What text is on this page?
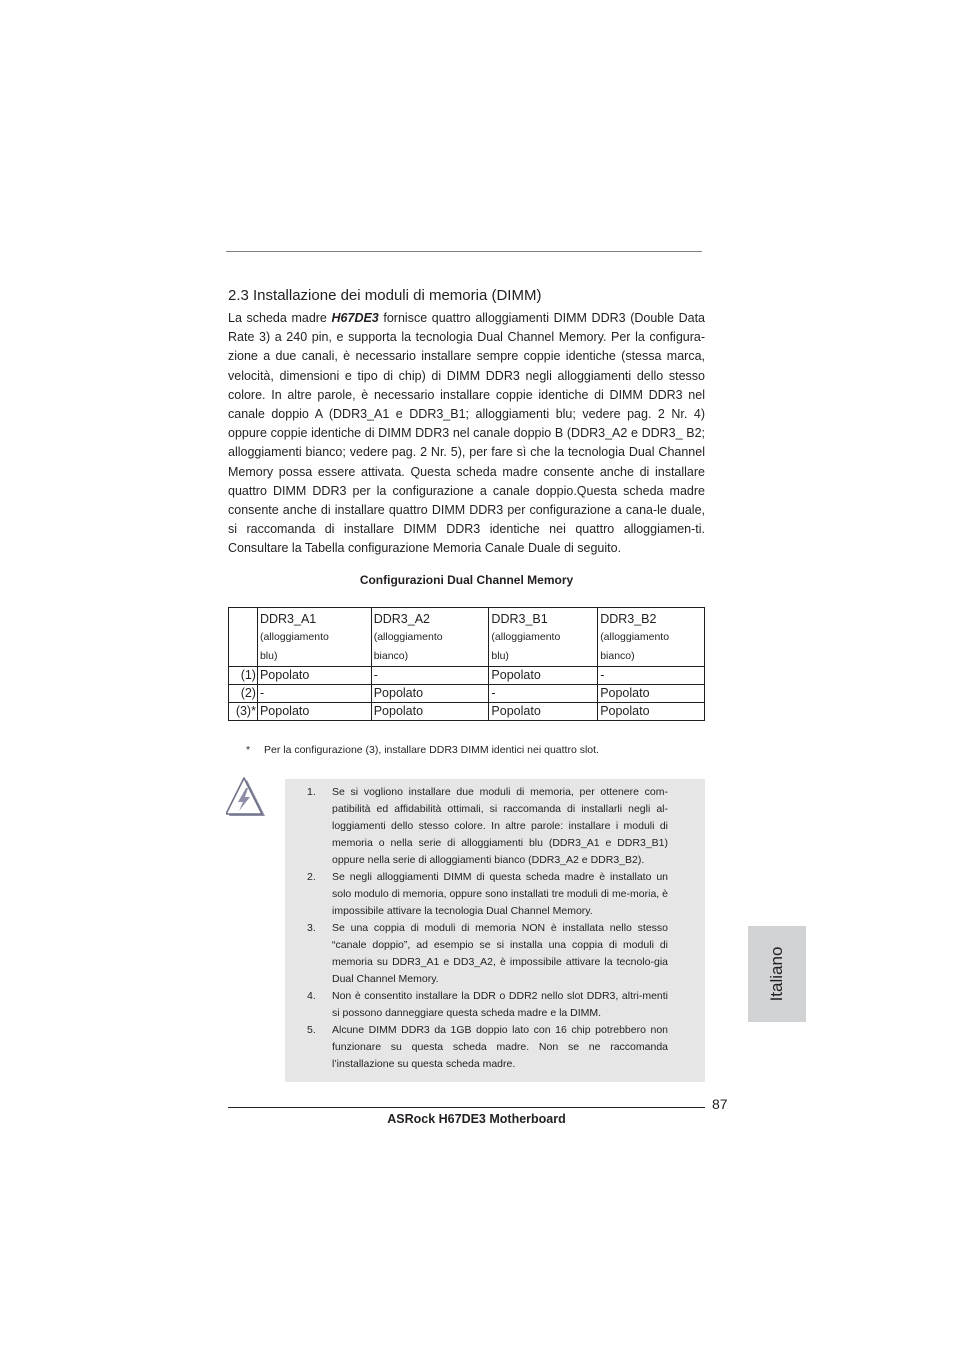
2.3 Installazione dei moduli di memoria (DIMM)

La scheda madre H67DE3 fornisce quattro alloggiamenti DIMM DDR3 (Double Data Rate 3) a 240 pin, e supporta la tecnologia Dual Channel Memory. Per la configura-zione a due canali, è necessario installare sempre coppie identiche (stessa marca, velocità, dimensioni e tipo di chip) di DIMM DDR3 negli alloggiamenti dello stesso colore. In altre parole, è necessario installare coppie identiche di DIMM DDR3 nel canale doppio A (DDR3_A1 e DDR3_B1; alloggiamenti blu; vedere pag. 2 Nr. 4) oppure coppie identiche di DIMM DDR3 nel canale doppio B (DDR3_A2 e DDR3_ B2; alloggiamenti bianco; vedere pag. 2 Nr. 5), per fare sì che la tecnologia Dual Channel Memory possa essere attivata. Questa scheda madre consente anche di installare quattro DIMM DDR3 per la configurazione a canale doppio.Questa scheda madre consente anche di installare quattro DIMM DDR3 per configurazione a cana-le duale, si raccomanda di installare DIMM DDR3 identiche nei quattro alloggiamen-ti. Consultare la Tabella configurazione Memoria Canale Duale di seguito.

Configurazioni Dual Channel Memory

	DDR3_A1
(alloggiamento
blu)	DDR3_A2
(alloggiamento
bianco)	DDR3_B1
(alloggiamento
blu)	DDR3_B2
(alloggiamento
bianco)

(1)	Popolato	-	Popolato	-
(2)	-	Popolato	-	Popolato
(3)*	Popolato	Popolato	Popolato	Popolato
* Per la configurazione (3), installare DDR3 DIMM identici nei quattro slot.
1. Se si vogliono installare due moduli di memoria, per ottenere com-patibilità ed affidabilità ottimali, si raccomanda di installarli negli al-loggiamenti dello stesso colore. In altre parole: installare i moduli di memoria o nella serie di alloggiamenti blu (DDR3_A1 e DDR3_B1) oppure nella serie di alloggiamenti bianco (DDR3_A2 e DDR3_B2).
2. Se negli alloggiamenti DIMM di questa scheda madre è installato un solo modulo di memoria, oppure sono installati tre moduli di me-moria, è impossibile attivare la tecnologia Dual Channel Memory.
3. Se una coppia di moduli di memoria NON è installata nello stesso “canale doppio”, ad esempio se si installa una coppia di moduli di memoria su DDR3_A1 e DD3_A2, è impossibile attivare la tecnolo-gia Dual Channel Memory.
4. Non è consentito installare la DDR o DDR2 nello slot DDR3, altri-menti si possono danneggiare questa scheda madre e la DIMM.
5. Alcune DIMM DDR3 da 1GB doppio lato con 16 chip potrebbero non funzionare su questa scheda madre. Non se ne raccomanda l’installazione su questa scheda madre.
Italiano
87
ASRock H67DE3 Motherboard
